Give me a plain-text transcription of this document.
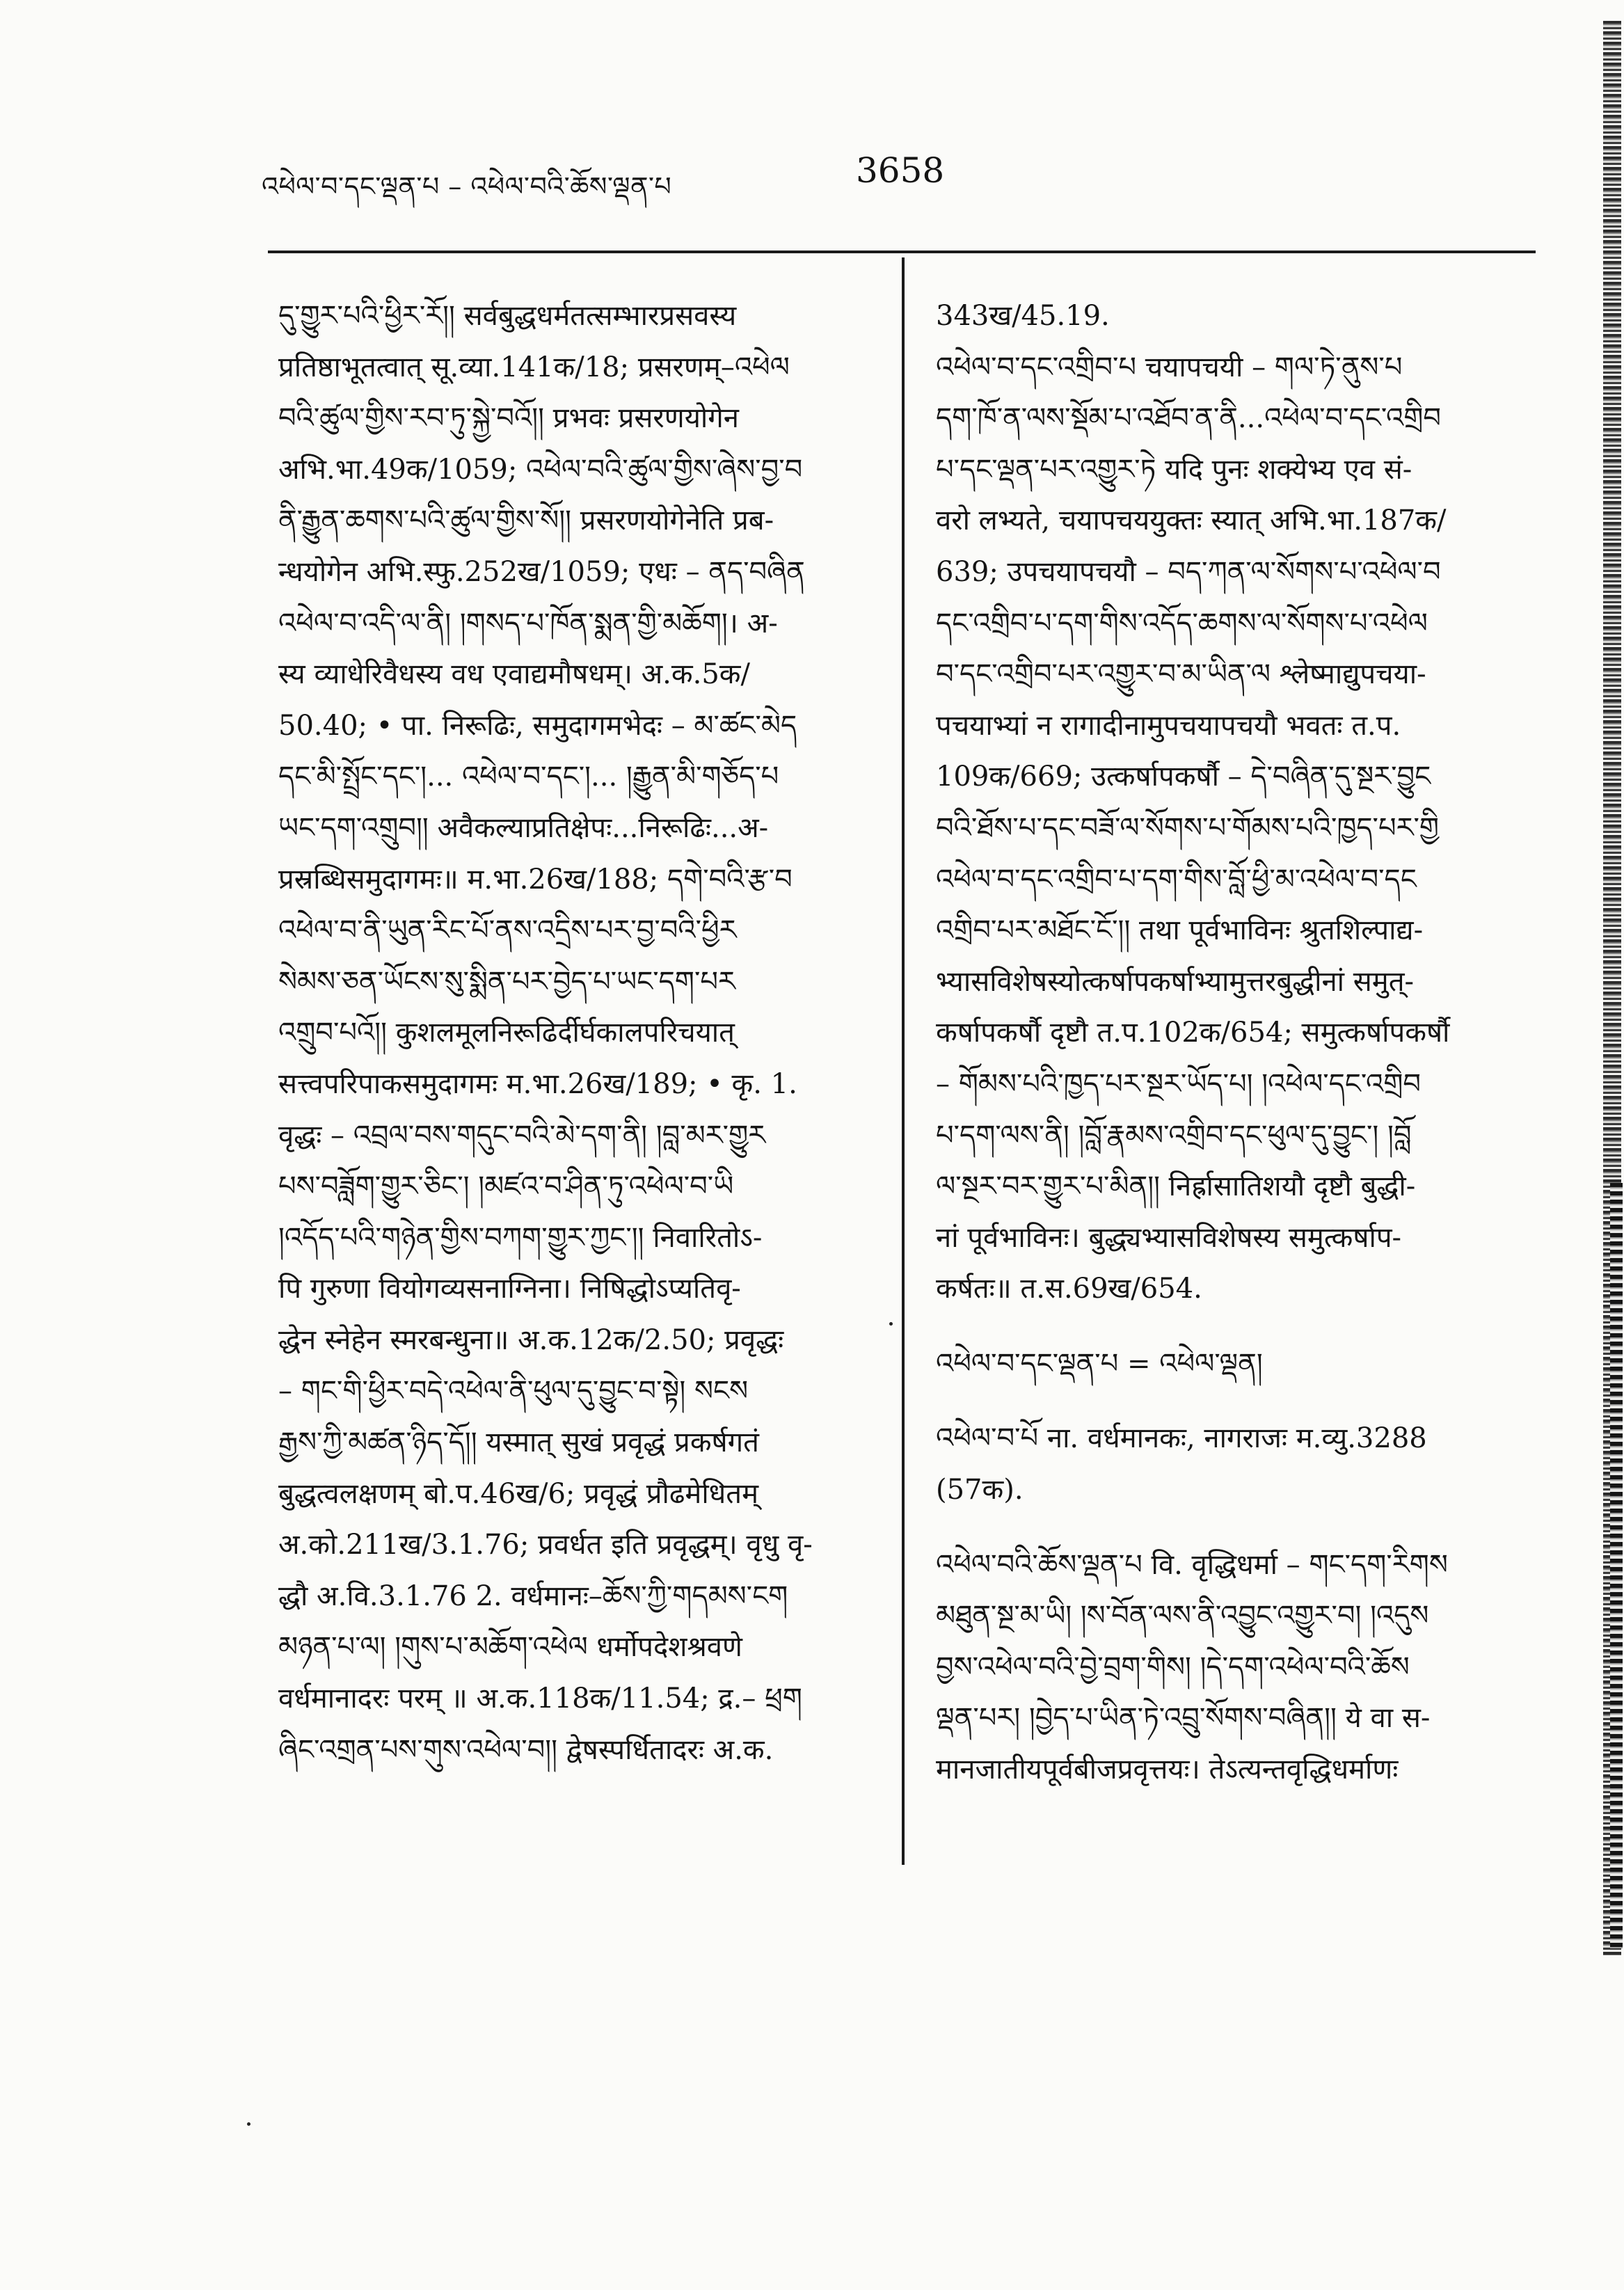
འཕེལ་བ་དང་ལྡན་པ – འཕེལ་བའི་ཆོས་ལྡན་པ	3658
དུ་གྱུར་པའི་ཕྱིར་རོ།། सर्वबुद्धधर्मतत्सम्भारप्रसवस्य
प्रतिष्ठाभूतत्वात् सू.व्या.141क/18; प्रसरणम्–འཕེལ
བའི་ཚུལ་གྱིས་རབ་ཏུ་སྐྱེ་བའོ།། प्रभवः प्रसरणयोगेन
अभि.भा.49क/1059; འཕེལ་བའི་ཚུལ་གྱིས་ཞེས་བྱ་བ
ནི་རྒྱུན་ཆགས་པའི་ཚུལ་གྱིས་སོ།། प्रसरणयोगेनेति प्रब-
न्धयोगेन अभि.स्फु.252ख/1059; एधः – ནད་བཞིན
འཕེལ་བ་འདི་ལ་ནི། །གསད་པ་ཁོན་སྨན་གྱི་མཆོག།। अ-
स्य व्याधेरिवैधस्य वध एवाद्यमौषधम्। अ.क.5क/
50.40; • पा. निरूढिः, समुदागमभेदः – མ་ཚང་མེད
དང་མི་སྤྲོང་དང་།... འཕེལ་བ་དང་།... །རྒྱུན་མི་གཅོད་པ
ཡང་དག་འགྲུབ།། अवैकल्याप्रतिक्षेपः...निरूढिः...अ-
प्रस्रब्धिसमुदागमः॥ म.भा.26ख/188; དགེ་བའི་རྩ་བ
འཕེལ་བ་ནི་ཡུན་རིང་པོ་ནས་འདྲིས་པར་བྱ་བའི་ཕྱིར
སེམས་ཅན་ཡོངས་སུ་སྨིན་པར་བྱེད་པ་ཡང་དག་པར
འགྲུབ་པའོ།། कुशलमूलनिरूढिर्दीर्घकालपरिचयात्
सत्त्वपरिपाकसमुदागमः म.भा.26ख/189; • कृ. 1.
वृद्धः – འབྲལ་བས་གདུང་བའི་མེ་དག་ནི། །བླ་མར་གྱུར
པས་བཟློག་གྱུར་ཅིང་། །མཛའ་བ་ཤིན་ཏུ་འཕེལ་བ་ཡི
།འདོད་པའི་གཉེན་གྱིས་བཀག་གྱུར་ཀྱང་།། निवारितोऽ-
पि गुरुणा वियोगव्यसनाग्निना। निषिद्धोऽप्यतिवृ-
द्धेन स्नेहेन स्मरबन्धुना॥ अ.क.12क/2.50; प्रवृद्धः
– གང་གི་ཕྱིར་བདེ་འཕེལ་ནི་ཕུལ་དུ་བྱུང་བ་སྟེ། སངས
རྒྱས་ཀྱི་མཚན་ཉིད་དོ།། यस्मात् सुखं प्रवृद्धं प्रकर्षगतं
बुद्धत्वलक्षणम् बो.प.46ख/6; प्रवृद्धं प्रौढमेधितम्
अ.को.211ख/3.1.76; प्रवर्धत इति प्रवृद्धम्। वृधु वृ-
द्धौ अ.वि.3.1.76 2. वर्धमानः–ཆོས་ཀྱི་གདམས་ངག
མཉན་པ་ལ། །གུས་པ་མཆོག་འཕེལ धर्मोपदेशश्रवणे
वर्धमानादरः परम् ॥ अ.क.118क/11.54; द्र.– ཕྲག
ཞིང་འགྲན་པས་གུས་འཕེལ་བ།། द्वेषस्पर्धितादरः अ.क.
343ख/45.19.
འཕེལ་བ་དང་འགྲིབ་པ चयापचयी – གལ་ཏེ་ནུས་པ
དག་ཁོ་ན་ལས་སྡོམ་པ་འཐོབ་ན་ནི...འཕེལ་བ་དང་འགྲིབ
པ་དང་ལྡན་པར་འགྱུར་ཏེ यदि पुनः शक्येभ्य एव सं-
वरो लभ्यते, चयापचययुक्तः स्यात् अभि.भा.187क/
639; उपचयापचयौ – བད་ཀན་ལ་སོགས་པ་འཕེལ་བ
དང་འགྲིབ་པ་དག་གིས་འདོད་ཆགས་ལ་སོགས་པ་འཕེལ
བ་དང་འགྲིབ་པར་འགྱུར་བ་མ་ཡིན་ལ श्लेष्माद्युपचया-
पचयाभ्यां न रागादीनामुपचयापचयौ भवतः त.प.
109क/669; उत्कर्षापकर्षौ – དེ་བཞིན་དུ་སྔར་བྱུང
བའི་ཐོས་པ་དང་བཟོ་ལ་སོགས་པ་གོམས་པའི་ཁྱད་པར་གྱི
འཕེལ་བ་དང་འགྲིབ་པ་དག་གིས་བློ་ཕྱི་མ་འཕེལ་བ་དང
འགྲིབ་པར་མཐོང་ངོ་།། तथा पूर्वभाविनः श्रुतशिल्पाद्य-
भ्यासविशेषस्योत्कर्षापकर्षाभ्यामुत्तरबुद्धीनां समुत्-
कर्षापकर्षौ दृष्टौ त.प.102क/654; समुत्कर्षापकर्षौ
– གོམས་པའི་ཁྱད་པར་སྔར་ཡོད་པ། །འཕེལ་དང་འགྲིབ
པ་དག་ལས་ནི། །བློ་རྣམས་འགྲིབ་དང་ཕུལ་དུ་བྱུང་། །བློ
ལ་སྔར་བར་གྱུར་པ་མིན།། निर्ह्रासातिशयौ दृष्टौ बुद्धी-
नां पूर्वभाविनः। बुद्ध्यभ्यासविशेषस्य समुत्कर्षाप-
कर्षतः॥ त.स.69ख/654.
འཕེལ་བ་དང་ལྡན་པ = འཕེལ་ལྡན།
འཕེལ་བ་པོ ना. वर्धमानकः, नागराजः म.व्यु.3288
(57क).
འཕེལ་བའི་ཆོས་ལྡན་པ वि. वृद्धिधर्मा – གང་དག་རིགས
མཐུན་སྔ་མ་ཡི། །ས་བོན་ལས་ནི་འབྱུང་འགྱུར་བ། །འདུས
བྱས་འཕེལ་བའི་བྱེ་བྲག་གིས། །དེ་དག་འཕེལ་བའི་ཆོས
ལྡན་པར། །བྱེད་པ་ཡིན་ཏེ་འབྲུ་སོགས་བཞིན།། ये वा स-
मानजातीयपूर्वबीजप्रवृत्तयः। तेऽत्यन्तवृद्धिधर्माणः
